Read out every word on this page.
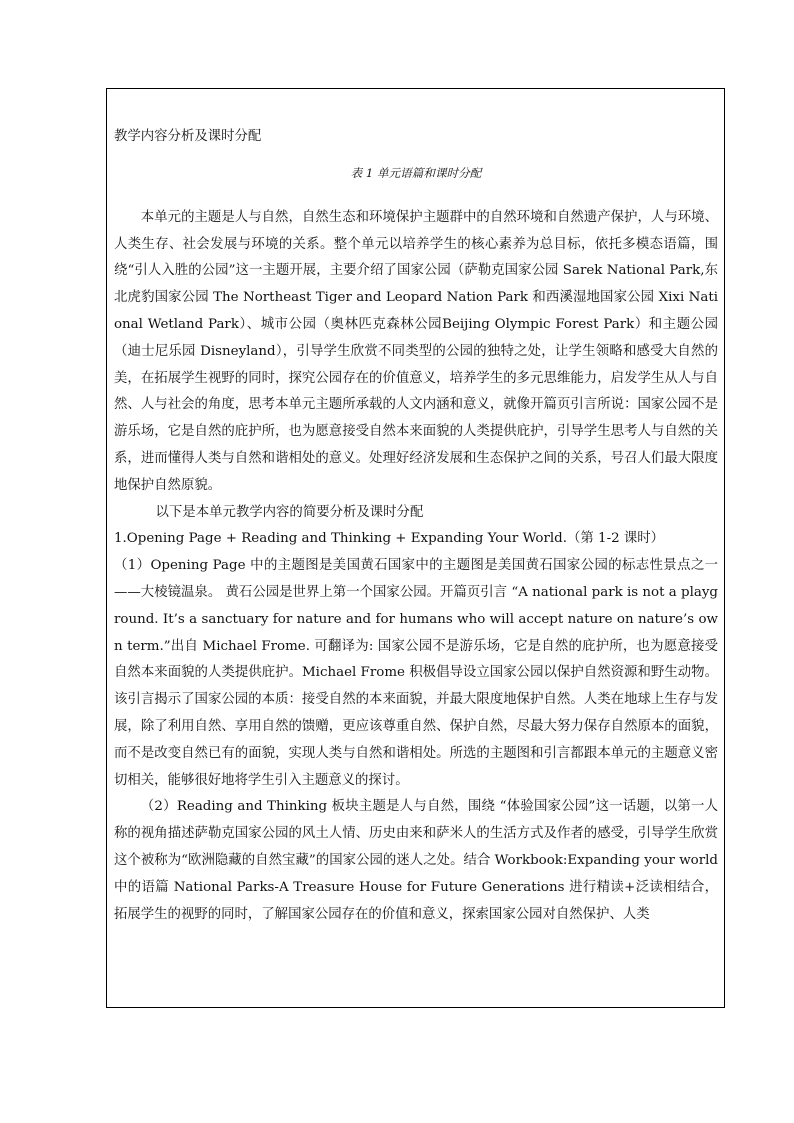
教学内容分析及课时分配

表 1 单元语篇和课时分配

本单元的主题是人与自然，自然生态和环境保护主题群中的自然环境和自然遗产保护，人与环境、人类生存、社会发展与环境的关系。整个单元以培养学生的核心素养为总目标，依托多模态语篇，围绕“引人入胜的公园”这一主题开展，主要介绍了国家公园（萨勒克国家公园 Sarek National Park,东北虎豹国家公园 The Northeast Tiger and Leopard Nation Park 和西溪湿地国家公园 Xixi National Wetland Park）、城市公园（奥林匹克森林公园Beijing Olympic Forest Park）和主题公园（迪士尼乐园 Disneyland），引导学生欣赏不同类型的公园的独特之处，让学生领略和感受大自然的美，在拓展学生视野的同时，探究公园存在的价值意义，培养学生的多元思维能力，启发学生从人与自然、人与社会的角度，思考本单元主题所承载的人文内涵和意义，就像开篇页引言所说：国家公园不是游乐场，它是自然的庇护所，也为愿意接受自然本来面貌的人类提供庇护，引导学生思考人与自然的关系，进而懂得人类与自然和谐相处的意义。处理好经济发展和生态保护之间的关系，号召人们最大限度地保护自然原貌。

以下是本单元教学内容的简要分析及课时分配

1.Opening Page + Reading and Thinking + Expanding Your World.（第 1-2 课时）

（1）Opening Page 中的主题图是美国黄石国家中的主题图是美国黄石国家公园的标志性景点之一——大棱镜温泉。 黄石公园是世界上第一个国家公园。开篇页引言 “A national park is not a playground. It’s a sanctuary for nature and for humans who will accept nature on nature’s own term.”出自 Michael Frome. 可翻译为: 国家公园不是游乐场，它是自然的庇护所，也为愿意接受自然本来面貌的人类提供庇护。Michael Frome 积极倡导设立国家公园以保护自然资源和野生动物。该引言揭示了国家公园的本质：接受自然的本来面貌，并最大限度地保护自然。人类在地球上生存与发展，除了利用自然、享用自然的馈赠，更应该尊重自然、保护自然，尽最大努力保存自然原本的面貌，而不是改变自然已有的面貌，实现人类与自然和谐相处。所选的主题图和引言都跟本单元的主题意义密切相关，能够很好地将学生引入主题意义的探讨。

（2）Reading and Thinking 板块主题是人与自然，围绕 “体验国家公园”这一话题，以第一人称的视角描述萨勒克国家公园的风土人情、历史由来和萨米人的生活方式及作者的感受，引导学生欣赏这个被称为“欧洲隐藏的自然宝藏”的国家公园的迷人之处。结合 Workbook:Expanding your world 中的语篇 National Parks-A Treasure House for Future Generations 进行精读+泛读相结合，拓展学生的视野的同时，了解国家公园存在的价值和意义，探索国家公园对自然保护、人类
